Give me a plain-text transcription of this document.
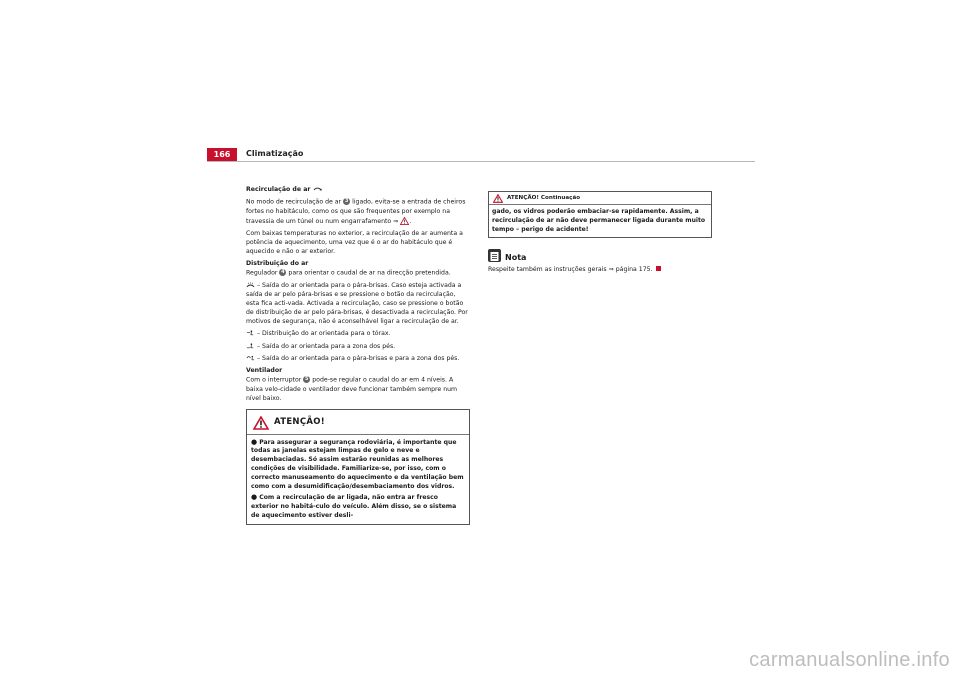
166	Climatização

Recirculação de ar

No modo de recirculação de ar 3 ligado, evita-se a entrada de cheiros fortes no habitáculo, como os que são frequentes por exemplo na travessia de um túnel ou num engarrafamento ⇒ .

Com baixas temperaturas no exterior, a recirculação de ar aumenta a potência de aquecimento, uma vez que é o ar do habitáculo que é aquecido e não o ar exterior.

Distribuição do ar

Regulador 4 para orientar o caudal de ar na direcção pretendida.

– Saída do ar orientada para o pára-brisas. Caso esteja activada a saída de ar pelo pára-brisas e se pressione o botão da recirculação, esta fica acti-vada. Activada a recirculação, caso se pressione o botão de distribuição de ar pelo pára-brisas, é desactivada a recirculação. Por motivos de segurança, não é aconselhável ligar a recirculação de ar.

– Distribuição do ar orientada para o tórax.

– Saída do ar orientada para a zona dos pés.

– Saída do ar orientada para o pára-brisas e para a zona dos pés.

Ventilador

Com o interruptor 5 pode-se regular o caudal do ar em 4 níveis. A baixa velo-cidade o ventilador deve funcionar também sempre num nível baixo.

ATENÇÃO!

● Para assegurar a segurança rodoviária, é importante que todas as janelas estejam limpas de gelo e neve e desembaciadas. Só assim estarão reunidas as melhores condições de visibilidade. Familiarize-se, por isso, com o correcto manuseamento do aquecimento e da ventilação bem como com a desumidificação/desembaciamento dos vidros.

● Com a recirculação de ar ligada, não entra ar fresco exterior no habitá-culo do veículo. Além disso, se o sistema de aquecimento estiver desli-

ATENÇÃO! Continuação
gado, os vidros poderão embaciar-se rapidamente. Assim, a recirculação de ar não deve permanecer ligada durante muito tempo – perigo de acidente!
Nota

Respeite também as instruções gerais ⇒ página 175.

carmanualsonline.info
